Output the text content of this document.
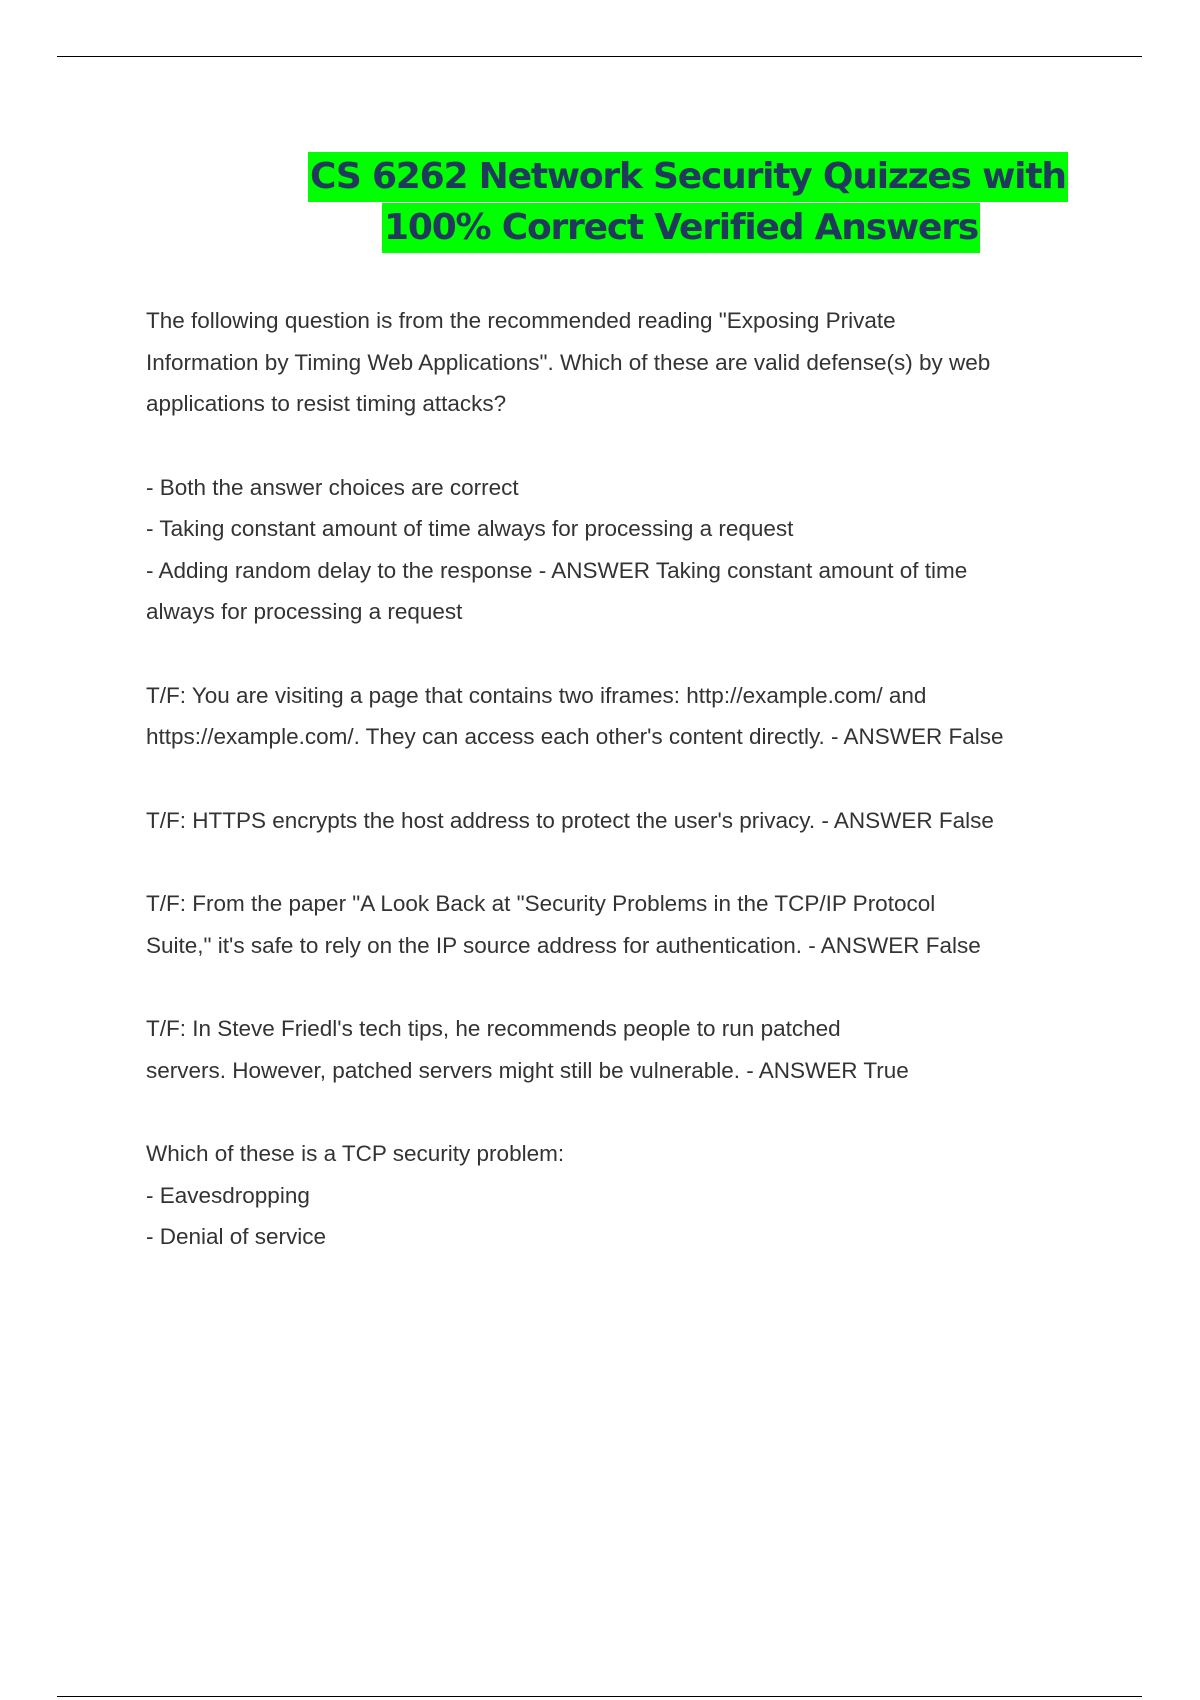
CS 6262 Network Security Quizzes with
100% Correct Verified Answers

The following question is from the recommended reading "Exposing Private
Information by Timing Web Applications". Which of these are valid defense(s) by web
applications to resist timing attacks?

- Both the answer choices are correct
- Taking constant amount of time always for processing a request
- Adding random delay to the response - ANSWER Taking constant amount of time
always for processing a request

T/F: You are visiting a page that contains two iframes: http://example.com/ and
https://example.com/. They can access each other's content directly. - ANSWER False

T/F: HTTPS encrypts the host address to protect the user's privacy. - ANSWER False

T/F: From the paper "A Look Back at "Security Problems in the TCP/IP Protocol
Suite," it's safe to rely on the IP source address for authentication. - ANSWER False

T/F: In Steve Friedl's tech tips, he recommends people to run patched
servers. However, patched servers might still be vulnerable. - ANSWER True

Which of these is a TCP security problem:
- Eavesdropping
- Denial of service
